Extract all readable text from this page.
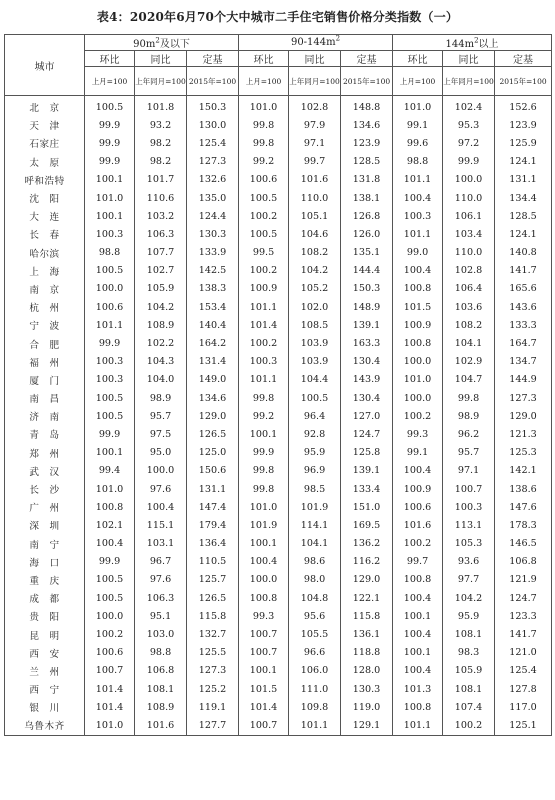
表4：2020年6月70个大中城市二手住宅销售价格分类指数（一）
城市	$90m^2$及以下			$90-144m^2$			$144m^2$以上		
	环比	同比	定基	环比	同比	定基	环比	同比	定基
	上月=100	上年同月=100	2015年=100	上月=100	上年同月=100	2015年=100	上月=100	上年同月=100	2015年=100
北　京	100.5	101.8	150.3	101.0	102.8	148.8	101.0	102.4	152.6
天　津	99.9	93.2	130.0	99.8	97.9	134.6	99.1	95.3	123.9
石家庄	99.9	98.2	125.4	99.8	97.1	123.9	99.6	97.2	125.9
太　原	99.9	98.2	127.3	99.2	99.7	128.5	98.8	99.9	124.1
呼和浩特	100.1	101.7	132.6	100.6	101.6	131.8	101.1	100.0	131.1
沈　阳	101.0	110.6	135.0	100.5	110.0	138.1	100.4	110.0	134.4
大　连	100.1	103.2	124.4	100.2	105.1	126.8	100.3	106.1	128.5
长　春	100.3	106.3	130.3	100.5	104.6	126.0	101.1	103.4	124.1
哈尔滨	98.8	107.7	133.9	99.5	108.2	135.1	99.0	110.0	140.8
上　海	100.5	102.7	142.5	100.2	104.2	144.4	100.4	102.8	141.7
南　京	100.0	105.9	138.3	100.9	105.2	150.3	100.8	106.4	165.6
杭　州	100.6	104.2	153.4	101.1	102.0	148.9	101.5	103.6	143.6
宁　波	101.1	108.9	140.4	101.4	108.5	139.1	100.9	108.2	133.3
合　肥	99.9	102.2	164.2	100.2	103.9	163.3	100.8	104.1	164.7
福　州	100.3	104.3	131.4	100.3	103.9	130.4	100.0	102.9	134.7
厦　门	100.3	104.0	149.0	101.1	104.4	143.9	101.0	104.7	144.9
南　昌	100.5	98.9	134.6	99.8	100.5	130.4	100.0	99.8	127.3
济　南	100.5	95.7	129.0	99.2	96.4	127.0	100.2	98.9	129.0
青　岛	99.9	97.5	126.5	100.1	92.8	124.7	99.3	96.2	121.3
郑　州	100.1	95.0	125.0	99.9	95.9	125.8	99.1	95.7	125.3
武　汉	99.4	100.0	150.6	99.8	96.9	139.1	100.4	97.1	142.1
长　沙	101.0	97.6	131.1	99.8	98.5	133.4	100.9	100.7	138.6
广　州	100.8	100.4	147.4	101.0	101.9	151.0	100.6	100.3	147.6
深　圳	102.1	115.1	179.4	101.9	114.1	169.5	101.6	113.1	178.3
南　宁	100.4	103.1	136.4	100.1	104.1	136.2	100.2	105.3	146.5
海　口	99.9	96.7	110.5	100.4	98.6	116.2	99.7	93.6	106.8
重　庆	100.5	97.6	125.7	100.0	98.0	129.0	100.8	97.7	121.9
成　都	100.5	106.3	126.5	100.8	104.8	122.1	100.4	104.2	124.7
贵　阳	100.0	95.1	115.8	99.3	95.6	115.8	100.1	95.9	123.3
昆　明	100.2	103.0	132.7	100.7	105.5	136.1	100.4	108.1	141.7
西　安	100.6	98.8	125.5	100.7	96.6	118.8	100.1	98.3	121.0
兰　州	100.7	106.8	127.3	100.1	106.0	128.0	100.4	105.9	125.4
西　宁	101.4	108.1	125.2	101.5	111.0	130.3	101.3	108.1	127.8
银　川	101.4	108.9	119.1	101.4	109.8	119.0	100.8	107.4	117.0
乌鲁木齐	101.0	101.6	127.7	100.7	101.1	129.1	101.1	100.2	125.1
